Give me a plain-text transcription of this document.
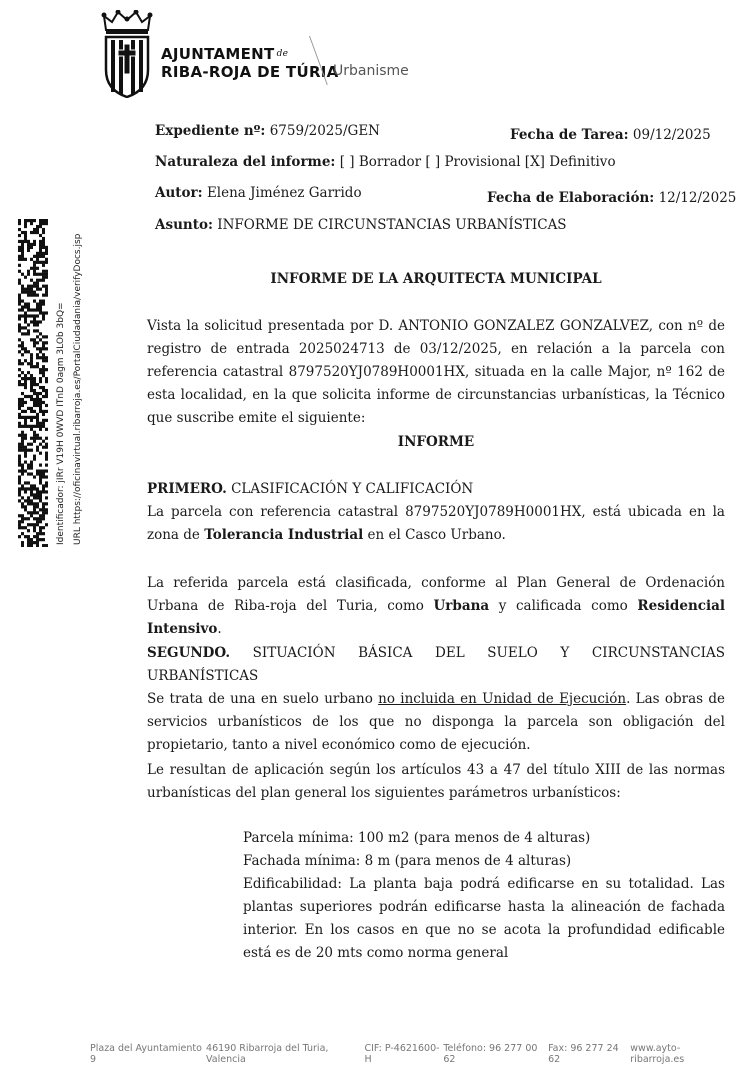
AJUNTAMENT $^{de}$
RIBA-ROJA DE TÚRIA
Urbanisme
Expediente nº: 6759/2025/GEN	Fecha de Tarea: 09/12/2025
Naturaleza del informe: [ ] Borrador [ ] Provisional [X] Definitivo
Autor: Elena Jiménez Garrido	Fecha de Elaboración: 12/12/2025
Asunto: INFORME DE CIRCUNSTANCIAS URBANÍSTICAS
Identificador: jIRr V19H 0WVD ITnD 0agm 3LOb 3bQ= URL https://oficinavirtual.ribarroja.es/PortalCiudadania/verifyDocs.jsp	INFORME DE LA ARQUITECTA MUNICIPAL

Vista la solicitud presentada por D. ANTONIO GONZALEZ GONZALVEZ, con nº de registro de entrada 2025024713 de 03/12/2025, en relación a la parcela con referencia catastral 8797520YJ0789H0001HX, situada en la calle Major, nº 162 de esta localidad, en la que solicita informe de circunstancias urbanísticas, la Técnico que suscribe emite el siguiente:

INFORME

PRIMERO. CLASIFICACIÓN Y CALIFICACIÓN
La parcela con referencia catastral 8797520YJ0789H0001HX, está ubicada en la zona de Tolerancia Industrial en el Casco Urbano.

La referida parcela está clasificada, conforme al Plan General de Ordenación Urbana de Riba-roja del Turia, como Urbana y calificada como Residencial Intensivo.

SEGUNDO. SITUACIÓN BÁSICA DEL SUELO Y CIRCUNSTANCIAS URBANÍSTICAS
Se trata de una en suelo urbano no incluida en Unidad de Ejecución. Las obras de servicios urbanísticos de los que no disponga la parcela son obligación del propietario, tanto a nivel económico como de ejecución.

Le resultan de aplicación según los artículos 43 a 47 del título XIII de las normas urbanísticas del plan general los siguientes parámetros urbanísticos:

Parcela mínima: 100 m2 (para menos de 4 alturas)

Fachada mínima: 8 m (para menos de 4 alturas)

Edificabilidad: La planta baja podrá edificarse en su totalidad. Las plantas superiores podrán edificarse hasta la alineación de fachada interior. En los casos en que no se acota la profundidad edificable está es de 20 mts como norma general

Plaza del Ayuntamiento 9
46190 Ribarroja del Turia, Valencia
CIF: P-4621600-H
Teléfono: 96 277 00 62
Fax: 96 277 24 62
www.ayto-ribarroja.es
